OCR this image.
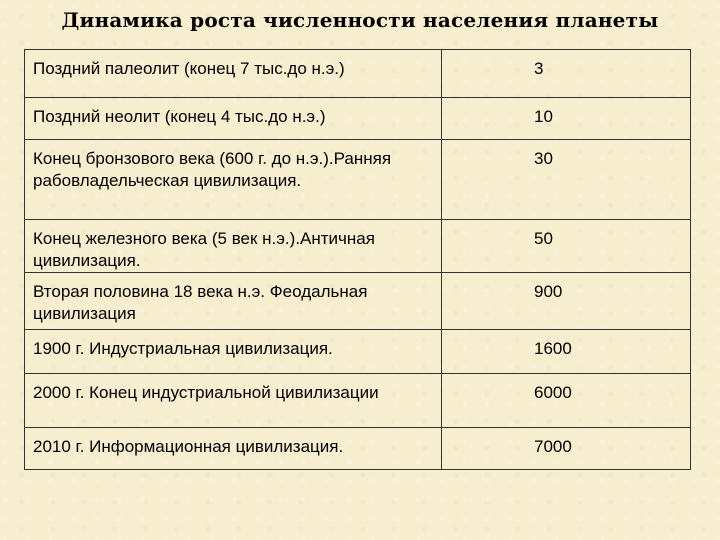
Динамика роста численности населения планеты
Поздний палеолит (конец 7 тыс.до н.э.)	3
Поздний неолит (конец 4 тыс.до н.э.)	10
Конец бронзового века (600 г. до н.э.).Ранняя рабовладельческая цивилизация.	30
Конец железного века (5 век н.э.).Античная цивилизация.	50
Вторая половина 18 века н.э. Феодальная цивилизация	900
1900 г. Индустриальная цивилизация.	1600
2000 г. Конец индустриальной цивилизации	6000
2010 г. Информационная цивилизация.	7000
